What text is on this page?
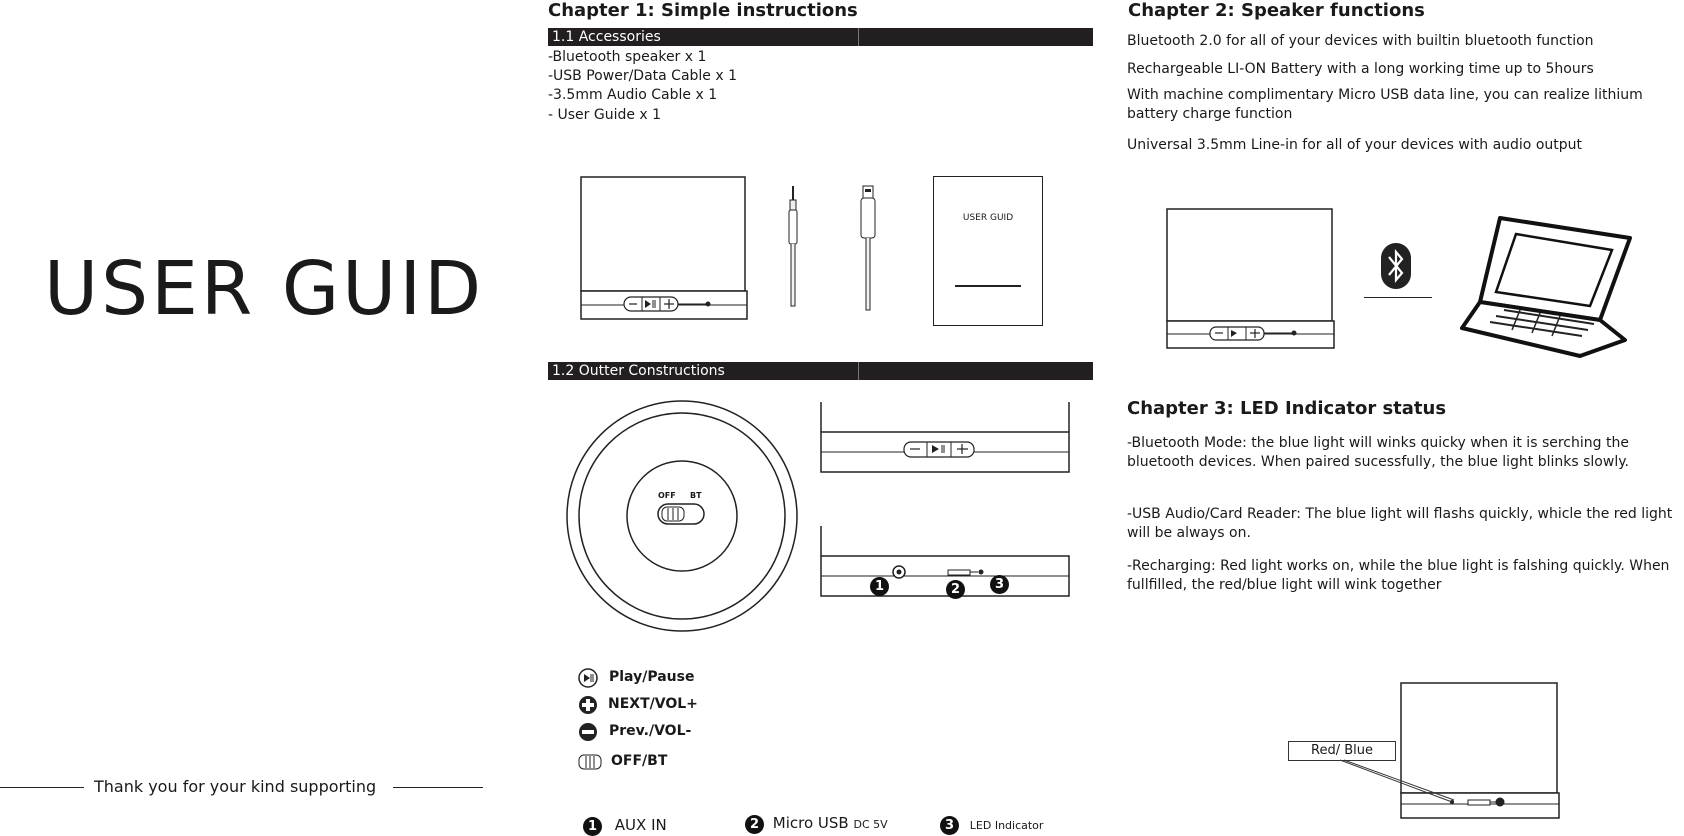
USER GUID
Thank you for your kind supporting
Chapter 1: Simple instructions
1.1 Accessories
-Bluetooth speaker x 1
-USB Power/Data Cable x 1
-3.5mm Audio Cable x 1
- User Guide x 1
USER GUID
1.2 Outter Constructions
OFF BT
1	2	3
Play/Pause
NEXT/VOL+
Prev./VOL-
OFF/BT
1 AUX IN	2 Micro USB DC 5V	3 LED Indicator
Chapter 2: Speaker functions
Bluetooth 2.0 for all of your devices with builtin bluetooth function
Rechargeable LI-ON Battery with a long working time up to 5hours
With machine complimentary Micro USB data line, you can realize lithium
battery charge function
Universal 3.5mm Line-in for all of your devices with audio output
Chapter 3: LED Indicator status
-Bluetooth Mode: the blue light will winks quicky when it is serching the bluetooth devices. When paired sucessfully, the blue light blinks slowly.
-USB Audio/Card Reader: The blue light will flashs quickly, whicle the red light will be always on.
-Recharging: Red light works on, while the blue light is falshing quickly. When fullfilled, the red/blue light will wink together
Red/ Blue
